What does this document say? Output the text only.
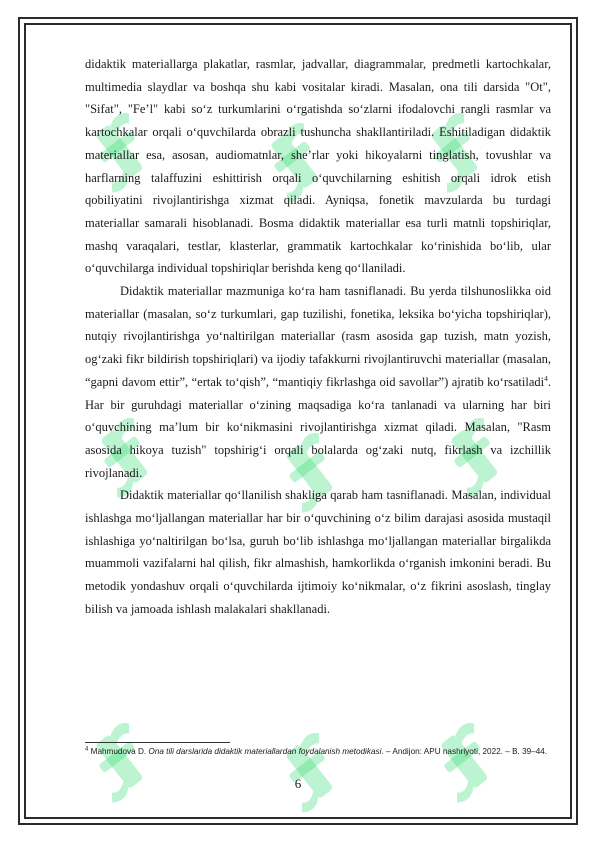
didaktik materiallarga plakatlar, rasmlar, jadvallar, diagrammalar, predmetli kartochkalar, multimedia slaydlar va boshqa shu kabi vositalar kiradi. Masalan, ona tili darsida "Ot", "Sifat", "Fe’l" kabi so‘z turkumlarini o‘rgatishda so‘zlarni ifodalovchi rangli rasmlar va kartochkalar orqali o‘quvchilarda obrazli tushuncha shakllantiriladi. Eshitiladigan didaktik materiallar esa, asosan, audiomatnlar, she’rlar yoki hikoyalarni tinglatish, tovushlar va harflarning talaffuzini eshittirish orqali o‘quvchilarning eshitish orqali idrok etish qobiliyatini rivojlantirishga xizmat qiladi. Ayniqsa, fonetik mavzularda bu turdagi materiallar samarali hisoblanadi. Bosma didaktik materiallar esa turli matnli topshiriqlar, mashq varaqalari, testlar, klasterlar, grammatik kartochkalar ko‘rinishida bo‘lib, ular o‘quvchilarga individual topshiriqlar berishda keng qo‘llaniladi.

Didaktik materiallar mazmuniga ko‘ra ham tasniflanadi. Bu yerda tilshunoslikka oid materiallar (masalan, so‘z turkumlari, gap tuzilishi, fonetika, leksika bo‘yicha topshiriqlar), nutqiy rivojlantirishga yo‘naltirilgan materiallar (rasm asosida gap tuzish, matn yozish, og‘zaki fikr bildirish topshiriqlari) va ijodiy tafakkurni rivojlantiruvchi materiallar (masalan, “gapni davom ettir”, “ertak to‘qish”, “mantiqiy fikrlashga oid savollar”) ajratib ko‘rsatiladi$^4$. Har bir guruhdagi materiallar o‘zining maqsadiga ko‘ra tanlanadi va ularning har biri o‘quvchining ma’lum bir ko‘nikmasini rivojlantirishga xizmat qiladi. Masalan, "Rasm asosida hikoya tuzish" topshirig‘i orqali bolalarda og‘zaki nutq, fikrlash va izchillik rivojlanadi.

Didaktik materiallar qo‘llanilish shakliga qarab ham tasniflanadi. Masalan, individual ishlashga mo‘ljallangan materiallar har bir o‘quvchining o‘z bilim darajasi asosida mustaqil ishlashiga yo‘naltirilgan bo‘lsa, guruh bo‘lib ishlashga mo‘ljallangan materiallar birgalikda muammoli vazifalarni hal qilish, fikr almashish, hamkorlikda o‘rganish imkonini beradi. Bu metodik yondashuv orqali o‘quvchilarda ijtimoiy ko‘nikmalar, o‘z fikrini asoslash, tinglay bilish va jamoada ishlash malakalari shakllanadi.

$^4$ Mahmudova D. Ona tili darslarida didaktik materiallardan foydalanish metodikasi. – Andijon: APU nashriyoti, 2022. – B. 39–44.
6
